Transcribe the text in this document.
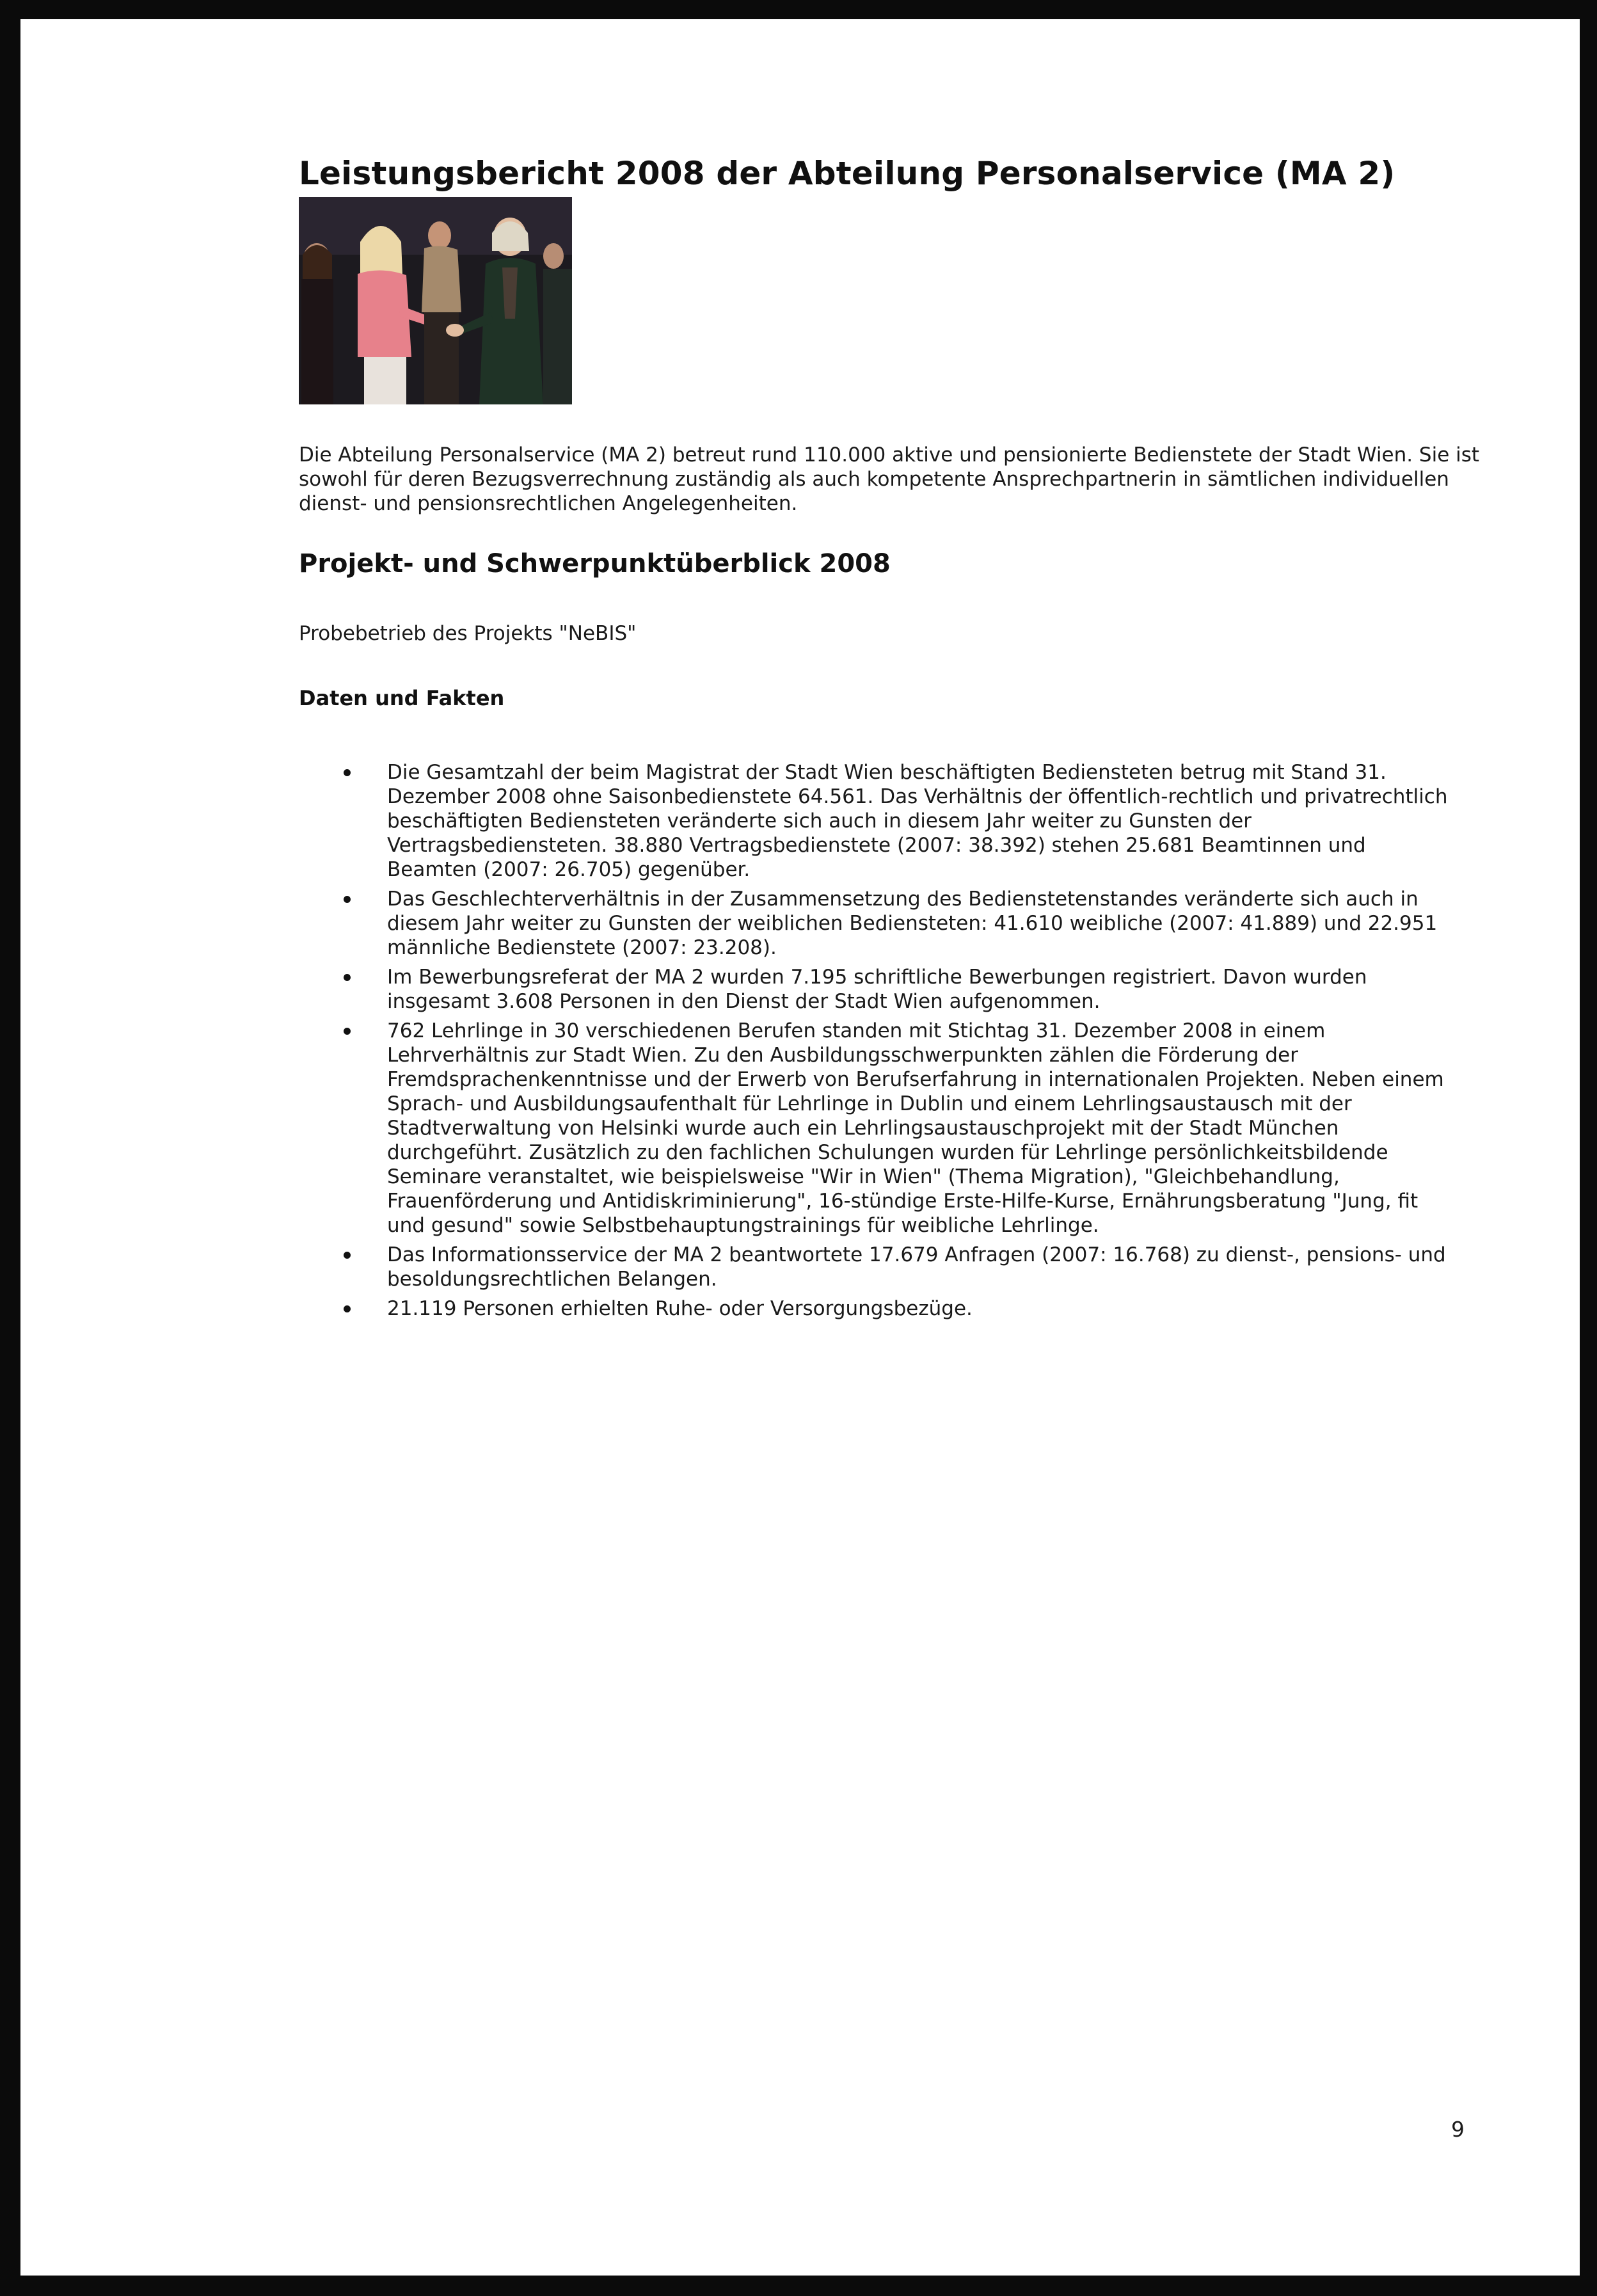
Leistungsbericht 2008 der Abteilung Personalservice (MA 2)

Die Abteilung Personalservice (MA 2) betreut rund 110.000 aktive und pensionierte Bedienstete der Stadt Wien. Sie ist sowohl für deren Bezugsverrechnung zuständig als auch kompetente Ansprechpartnerin in sämtlichen individuellen dienst- und pensionsrechtlichen Angelegenheiten.

Projekt- und Schwerpunktüberblick 2008

Probebetrieb des Projekts "NeBIS"

Daten und Fakten
Die Gesamtzahl der beim Magistrat der Stadt Wien beschäftigten Bediensteten betrug mit Stand 31. Dezember 2008 ohne Saisonbedienstete 64.561. Das Verhältnis der öffentlich-rechtlich und privatrechtlich beschäftigten Bediensteten veränderte sich auch in diesem Jahr weiter zu Gunsten der Vertragsbediensteten. 38.880 Vertragsbedienstete (2007: 38.392) stehen 25.681 Beamtinnen und Beamten (2007: 26.705) gegenüber.
Das Geschlechterverhältnis in der Zusammensetzung des Bedienstetenstandes veränderte sich auch in diesem Jahr weiter zu Gunsten der weiblichen Bediensteten: 41.610 weibliche (2007: 41.889) und 22.951 männliche Bedienstete (2007: 23.208).
Im Bewerbungsreferat der MA 2 wurden 7.195 schriftliche Bewerbungen registriert. Davon wurden insgesamt 3.608 Personen in den Dienst der Stadt Wien aufgenommen.
762 Lehrlinge in 30 verschiedenen Berufen standen mit Stichtag 31. Dezember 2008 in einem Lehrverhältnis zur Stadt Wien. Zu den Ausbildungsschwerpunkten zählen die Förderung der Fremdsprachenkenntnisse und der Erwerb von Berufserfahrung in internationalen Projekten. Neben einem Sprach- und Ausbildungsaufenthalt für Lehrlinge in Dublin und einem Lehrlingsaustausch mit der Stadtverwaltung von Helsinki wurde auch ein Lehrlingsaustauschprojekt mit der Stadt München durchgeführt. Zusätzlich zu den fachlichen Schulungen wurden für Lehrlinge persönlichkeitsbildende Seminare veranstaltet, wie beispielsweise "Wir in Wien" (Thema Migration), "Gleichbehandlung, Frauenförderung und Antidiskriminierung", 16-stündige Erste-Hilfe-Kurse, Ernährungsberatung "Jung, fit und gesund" sowie Selbstbehauptungstrainings für weibliche Lehrlinge.
Das Informationsservice der MA 2 beantwortete 17.679 Anfragen (2007: 16.768) zu dienst-, pensions- und besoldungsrechtlichen Belangen.
21.119 Personen erhielten Ruhe- oder Versorgungsbezüge.
9
